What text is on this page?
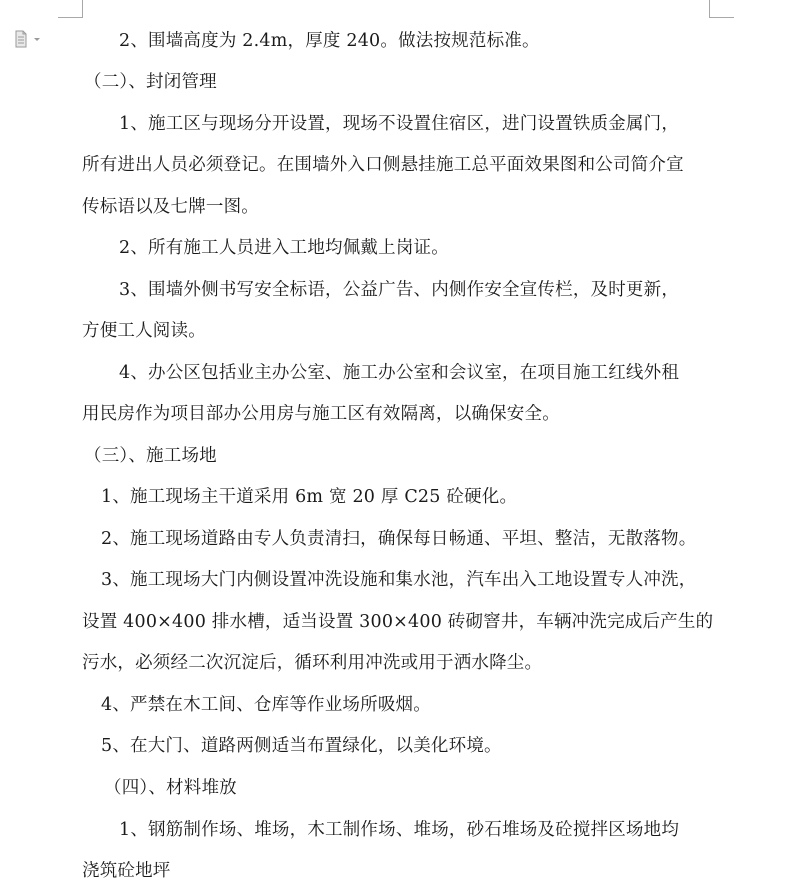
2、围墙高度为 2.4m，厚度 240。做法按规范标准。
（二）、封闭管理
1、施工区与现场分开设置，现场不设置住宿区，进门设置铁质金属门，
所有进出人员必须登记。在围墙外入口侧悬挂施工总平面效果图和公司简介宣
传标语以及七牌一图。
2、所有施工人员进入工地均佩戴上岗证。
3、围墙外侧书写安全标语，公益广告、内侧作安全宣传栏，及时更新，
方便工人阅读。
4、办公区包括业主办公室、施工办公室和会议室，在项目施工红线外租
用民房作为项目部办公用房与施工区有效隔离，以确保安全。
（三）、施工场地
1、施工现场主干道采用 6m 宽 20 厚 C25 砼硬化。
2、施工现场道路由专人负责清扫，确保每日畅通、平坦、整洁，无散落物。
3、施工现场大门内侧设置冲洗设施和集水池，汽车出入工地设置专人冲洗，
设置 400×400 排水槽，适当设置 300×400 砖砌窨井，车辆冲洗完成后产生的
污水，必须经二次沉淀后，循环利用冲洗或用于洒水降尘。
4、严禁在木工间、仓库等作业场所吸烟。
5、在大门、道路两侧适当布置绿化，以美化环境。
（四）、材料堆放
1、钢筋制作场、堆场，木工制作场、堆场，砂石堆场及砼搅拌区场地均
浇筑砼地坪
